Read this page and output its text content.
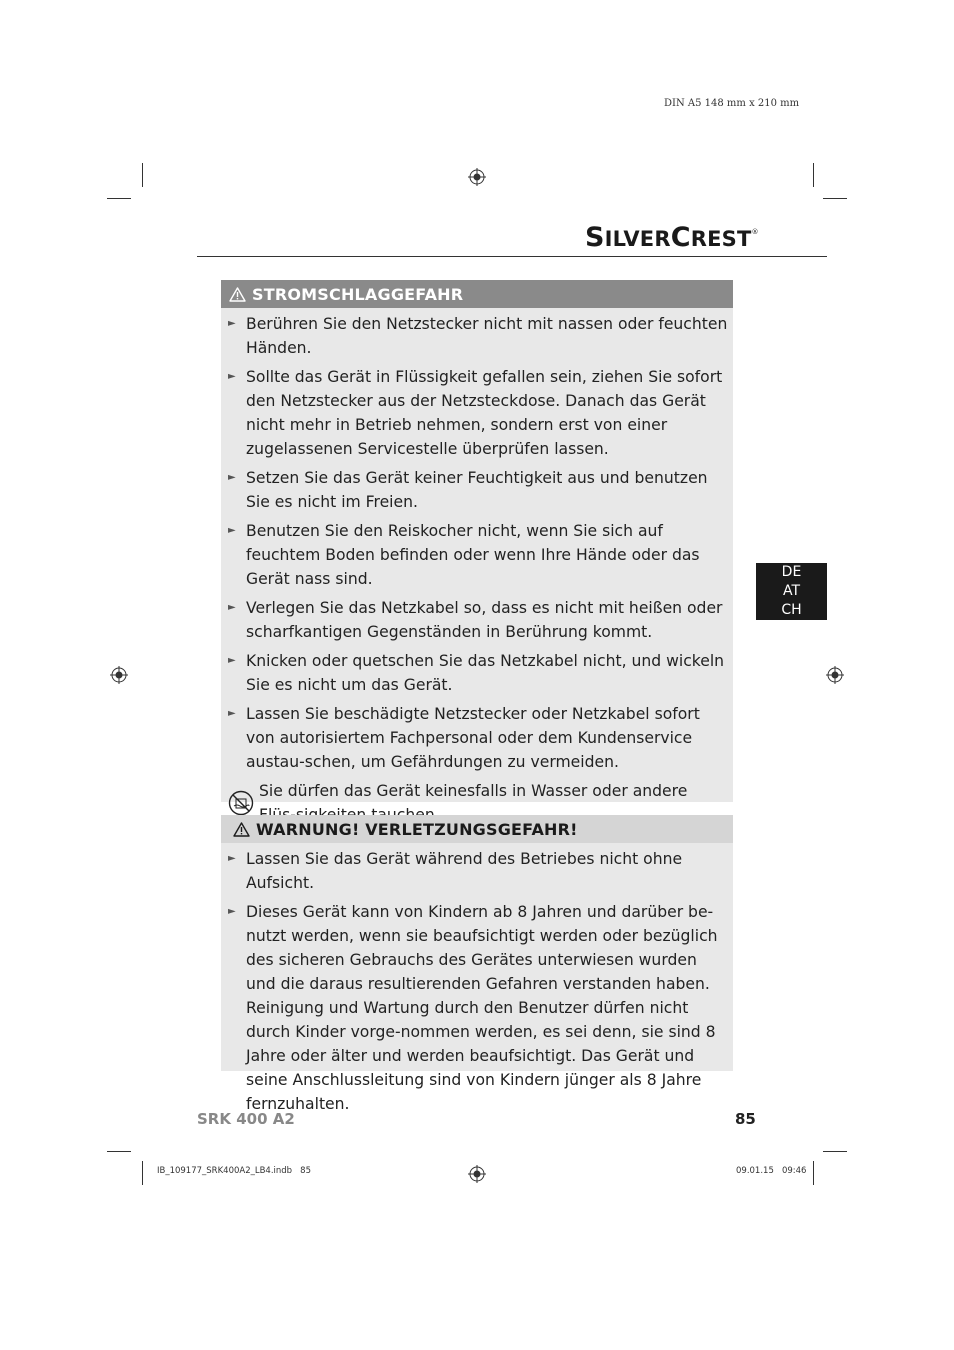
DIN A5 148 mm x 210 mm
SILVERCREST®
STROMSCHLAGGEFAHR
► Berühren Sie den Netzstecker nicht mit nassen oder feuchten Händen.
► Sollte das Gerät in Flüssigkeit gefallen sein, ziehen Sie sofort den Netzstecker aus der Netzsteckdose. Danach das Gerät nicht mehr in Betrieb nehmen, sondern erst von einer zugelassenen Servicestelle überprüfen lassen.
► Setzen Sie das Gerät keiner Feuchtigkeit aus und benutzen Sie es nicht im Freien.
► Benutzen Sie den Reiskocher nicht, wenn Sie sich auf feuchtem Boden befinden oder wenn Ihre Hände oder das Gerät nass sind.
► Verlegen Sie das Netzkabel so, dass es nicht mit heißen oder scharfkantigen Gegenständen in Berührung kommt.
► Knicken oder quetschen Sie das Netzkabel nicht, und wickeln Sie es nicht um das Gerät.
► Lassen Sie beschädigte Netzstecker oder Netzkabel sofort von autorisiertem Fachpersonal oder dem Kundenservice austau-schen, um Gefährdungen zu vermeiden.
Sie dürfen das Gerät keinesfalls in Wasser oder andere
WARNUNG! VERLETZUNGSGEFAHR!
► Lassen Sie das Gerät während des Betriebes nicht ohne Aufsicht.
► Dieses Gerät kann von Kindern ab 8 Jahren und darüber be-nutzt werden, wenn sie beaufsichtigt werden oder bezüglich des sicheren Gebrauchs des Gerätes unterwiesen wurden und die daraus resultierenden Gefahren verstanden haben. Reinigung und Wartung durch den Benutzer dürfen nicht durch Kinder vorge-nommen werden, es sei denn, sie sind 8 Jahre oder älter und werden beaufsichtigt. Das Gerät und seine Anschlussleitung sind von Kindern jünger als 8 Jahre fernzuhalten.
DE
AT
CH
SRK 400 A2	85
IB_109177_SRK400A2_LB4.indb   85	09.01.15   09:46
